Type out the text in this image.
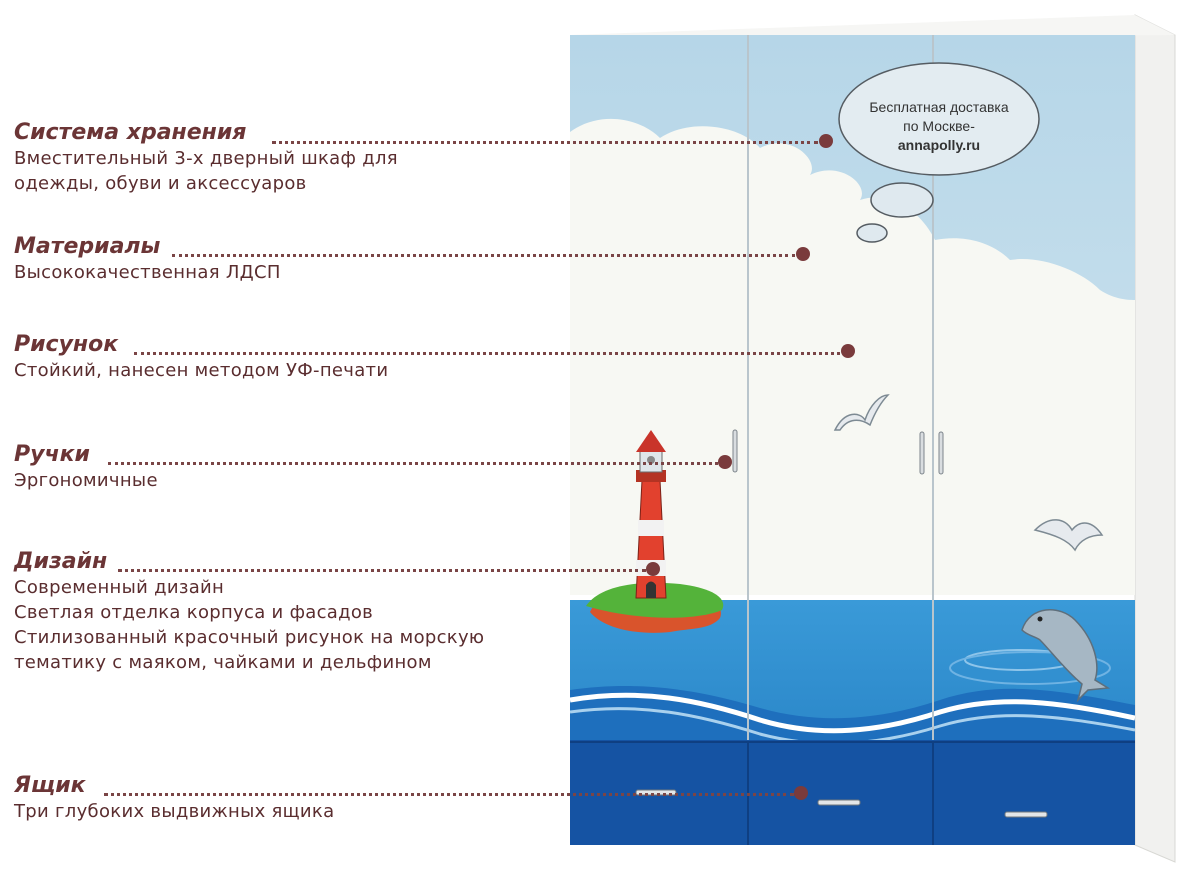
Бесплатная доставка
по Москве-
annapolly.ru
Система хранения
Вместительный 3-х дверный шкаф для
одежды, обуви и аксессуаров
Материалы
Высококачественная ЛДСП
Рисунок
Стойкий, нанесен методом УФ-печати
Ручки
Эргономичные
Дизайн
Современный дизайн
Светлая отделка корпуса и фасадов
Стилизованный красочный рисунок на морскую
тематику с маяком, чайками и дельфином
Ящик
Три глубоких выдвижных ящика
